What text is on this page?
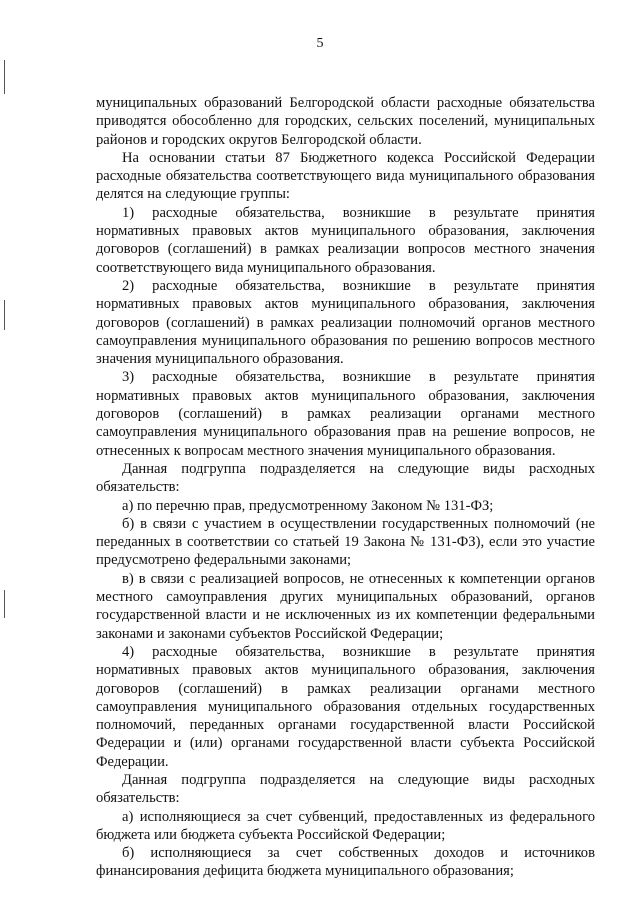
5

муниципальных образований Белгородской области расходные обязательства приводятся обособленно для городских, сельских поселений, муниципальных районов и городских округов Белгородской области.

На основании статьи 87 Бюджетного кодекса Российской Федерации расходные обязательства соответствующего вида муниципального образования делятся на следующие группы:

1) расходные обязательства, возникшие в результате принятия нормативных правовых актов муниципального образования, заключения договоров (соглашений) в рамках реализации вопросов местного значения соответствующего вида муниципального образования.

2) расходные обязательства, возникшие в результате принятия нормативных правовых актов муниципального образования, заключения договоров (соглашений) в рамках реализации полномочий органов местного самоуправления муниципального образования по решению вопросов местного значения муниципального образования.

3) расходные обязательства, возникшие в результате принятия нормативных правовых актов муниципального образования, заключения договоров (соглашений) в рамках реализации органами местного самоуправления муниципального образования прав на решение вопросов, не отнесенных к вопросам местного значения муниципального образования.

Данная подгруппа подразделяется на следующие виды расходных обязательств:

а) по перечню прав, предусмотренному Законом № 131-ФЗ;

б) в связи с участием в осуществлении государственных полномочий (не переданных в соответствии со статьей 19 Закона № 131-ФЗ), если это участие предусмотрено федеральными законами;

в) в связи с реализацией вопросов, не отнесенных к компетенции органов местного самоуправления других муниципальных образований, органов государственной власти и не исключенных из их компетенции федеральными законами и законами субъектов Российской Федерации;

4) расходные обязательства, возникшие в результате принятия нормативных правовых актов муниципального образования, заключения договоров (соглашений) в рамках реализации органами местного самоуправления муниципального образования отдельных государственных полномочий, переданных органами государственной власти Российской Федерации и (или) органами государственной власти субъекта Российской Федерации.

Данная подгруппа подразделяется на следующие виды расходных обязательств:

а) исполняющиеся за счет субвенций, предоставленных из федерального бюджета или бюджета субъекта Российской Федерации;

б) исполняющиеся за счет собственных доходов и источников финансирования дефицита бюджета муниципального образования;
